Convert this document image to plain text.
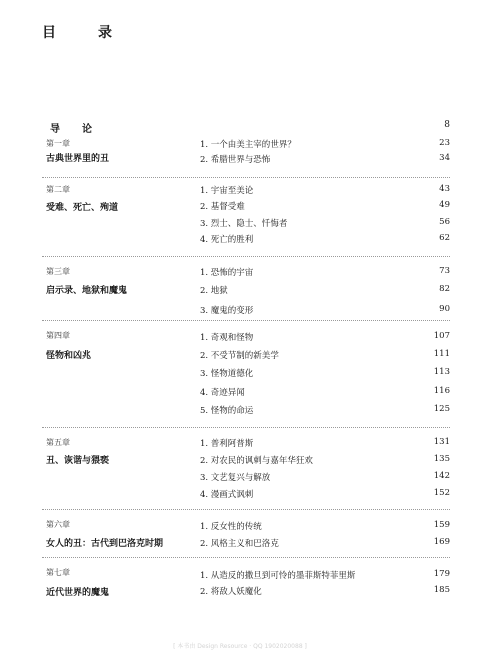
目　录
导　论	8
第一章
古典世界里的丑
1. 一个由美主宰的世界？	23
2. 希腊世界与恐怖	34
第二章
受难、死亡、殉道
1. 宇宙至美论	43
2. 基督受难	49
3. 烈士、隐士、忏悔者	56
4. 死亡的胜利	62
第三章
启示录、地狱和魔鬼
1. 恐怖的宇宙	73
2. 地狱	82
3. 魔鬼的变形	90
第四章
怪物和凶兆
1. 奇观和怪物	107
2. 不受节制的新美学	111
3. 怪物道德化	113
4. 奇迹异闻	116
5. 怪物的命运	125
第五章
丑、诙谐与猥亵
1. 普利阿普斯	131
2. 对农民的讽刺与嘉年华狂欢	135
3. 文艺复兴与解放	142
4. 漫画式讽刺	152
第六章
女人的丑：古代到巴洛克时期
1. 反女性的传统	159
2. 风格主义和巴洛克	169
第七章
近代世界的魔鬼
1. 从造反的撒旦到可怜的墨菲斯特菲里斯	179
2. 将敌人妖魔化	185
[ 本书由 Design Resource · QQ 1902020088 ]
